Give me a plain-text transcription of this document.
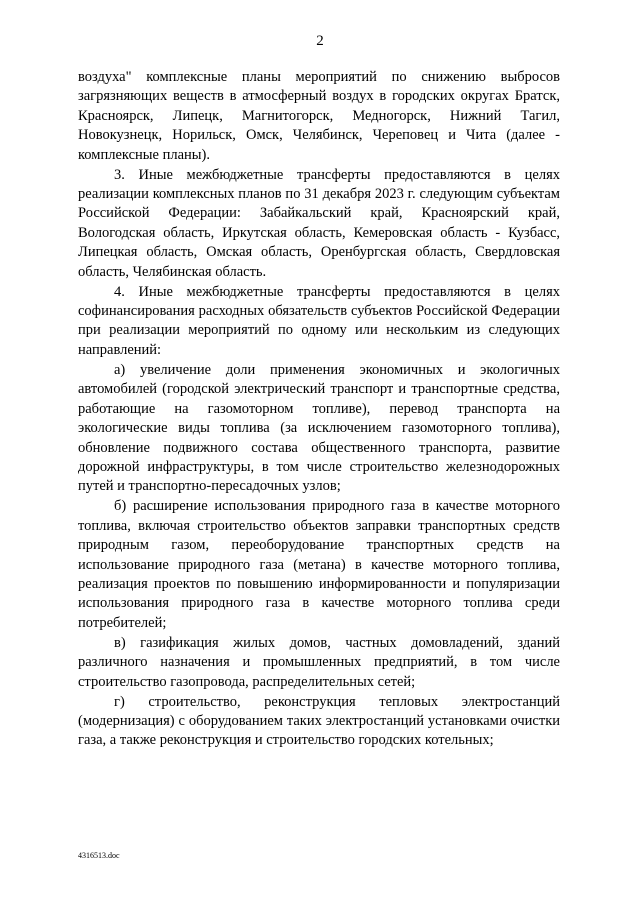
2

воздуха" комплексные планы мероприятий по снижению выбросов загрязняющих веществ в атмосферный воздух в городских округах Братск, Красноярск, Липецк, Магнитогорск, Медногорск, Нижний Тагил, Новокузнецк, Норильск, Омск, Челябинск, Череповец и Чита (далее - комплексные планы).

3. Иные межбюджетные трансферты предоставляются в целях реализации комплексных планов по 31 декабря 2023 г. следующим субъектам Российской Федерации: Забайкальский край, Красноярский край, Вологодская область, Иркутская область, Кемеровская область - Кузбасс, Липецкая область, Омская область, Оренбургская область, Свердловская область, Челябинская область.

4. Иные межбюджетные трансферты предоставляются в целях софинансирования расходных обязательств субъектов Российской Федерации при реализации мероприятий по одному или нескольким из следующих направлений:

а) увеличение доли применения экономичных и экологичных автомобилей (городской электрический транспорт и транспортные средства, работающие на газомоторном топливе), перевод транспорта на экологические виды топлива (за исключением газомоторного топлива), обновление подвижного состава общественного транспорта, развитие дорожной инфраструктуры, в том числе строительство железнодорожных путей и транспортно-пересадочных узлов;

б) расширение использования природного газа в качестве моторного топлива, включая строительство объектов заправки транспортных средств природным газом, переоборудование транспортных средств на использование природного газа (метана) в качестве моторного топлива, реализация проектов по повышению информированности и популяризации использования природного газа в качестве моторного топлива среди потребителей;

в) газификация жилых домов, частных домовладений, зданий различного назначения и промышленных предприятий, в том числе строительство газопровода, распределительных сетей;

г) строительство, реконструкция тепловых электростанций (модернизация) с оборудованием таких электростанций установками очистки газа, а также реконструкция и строительство городских котельных;

4316513.doc
